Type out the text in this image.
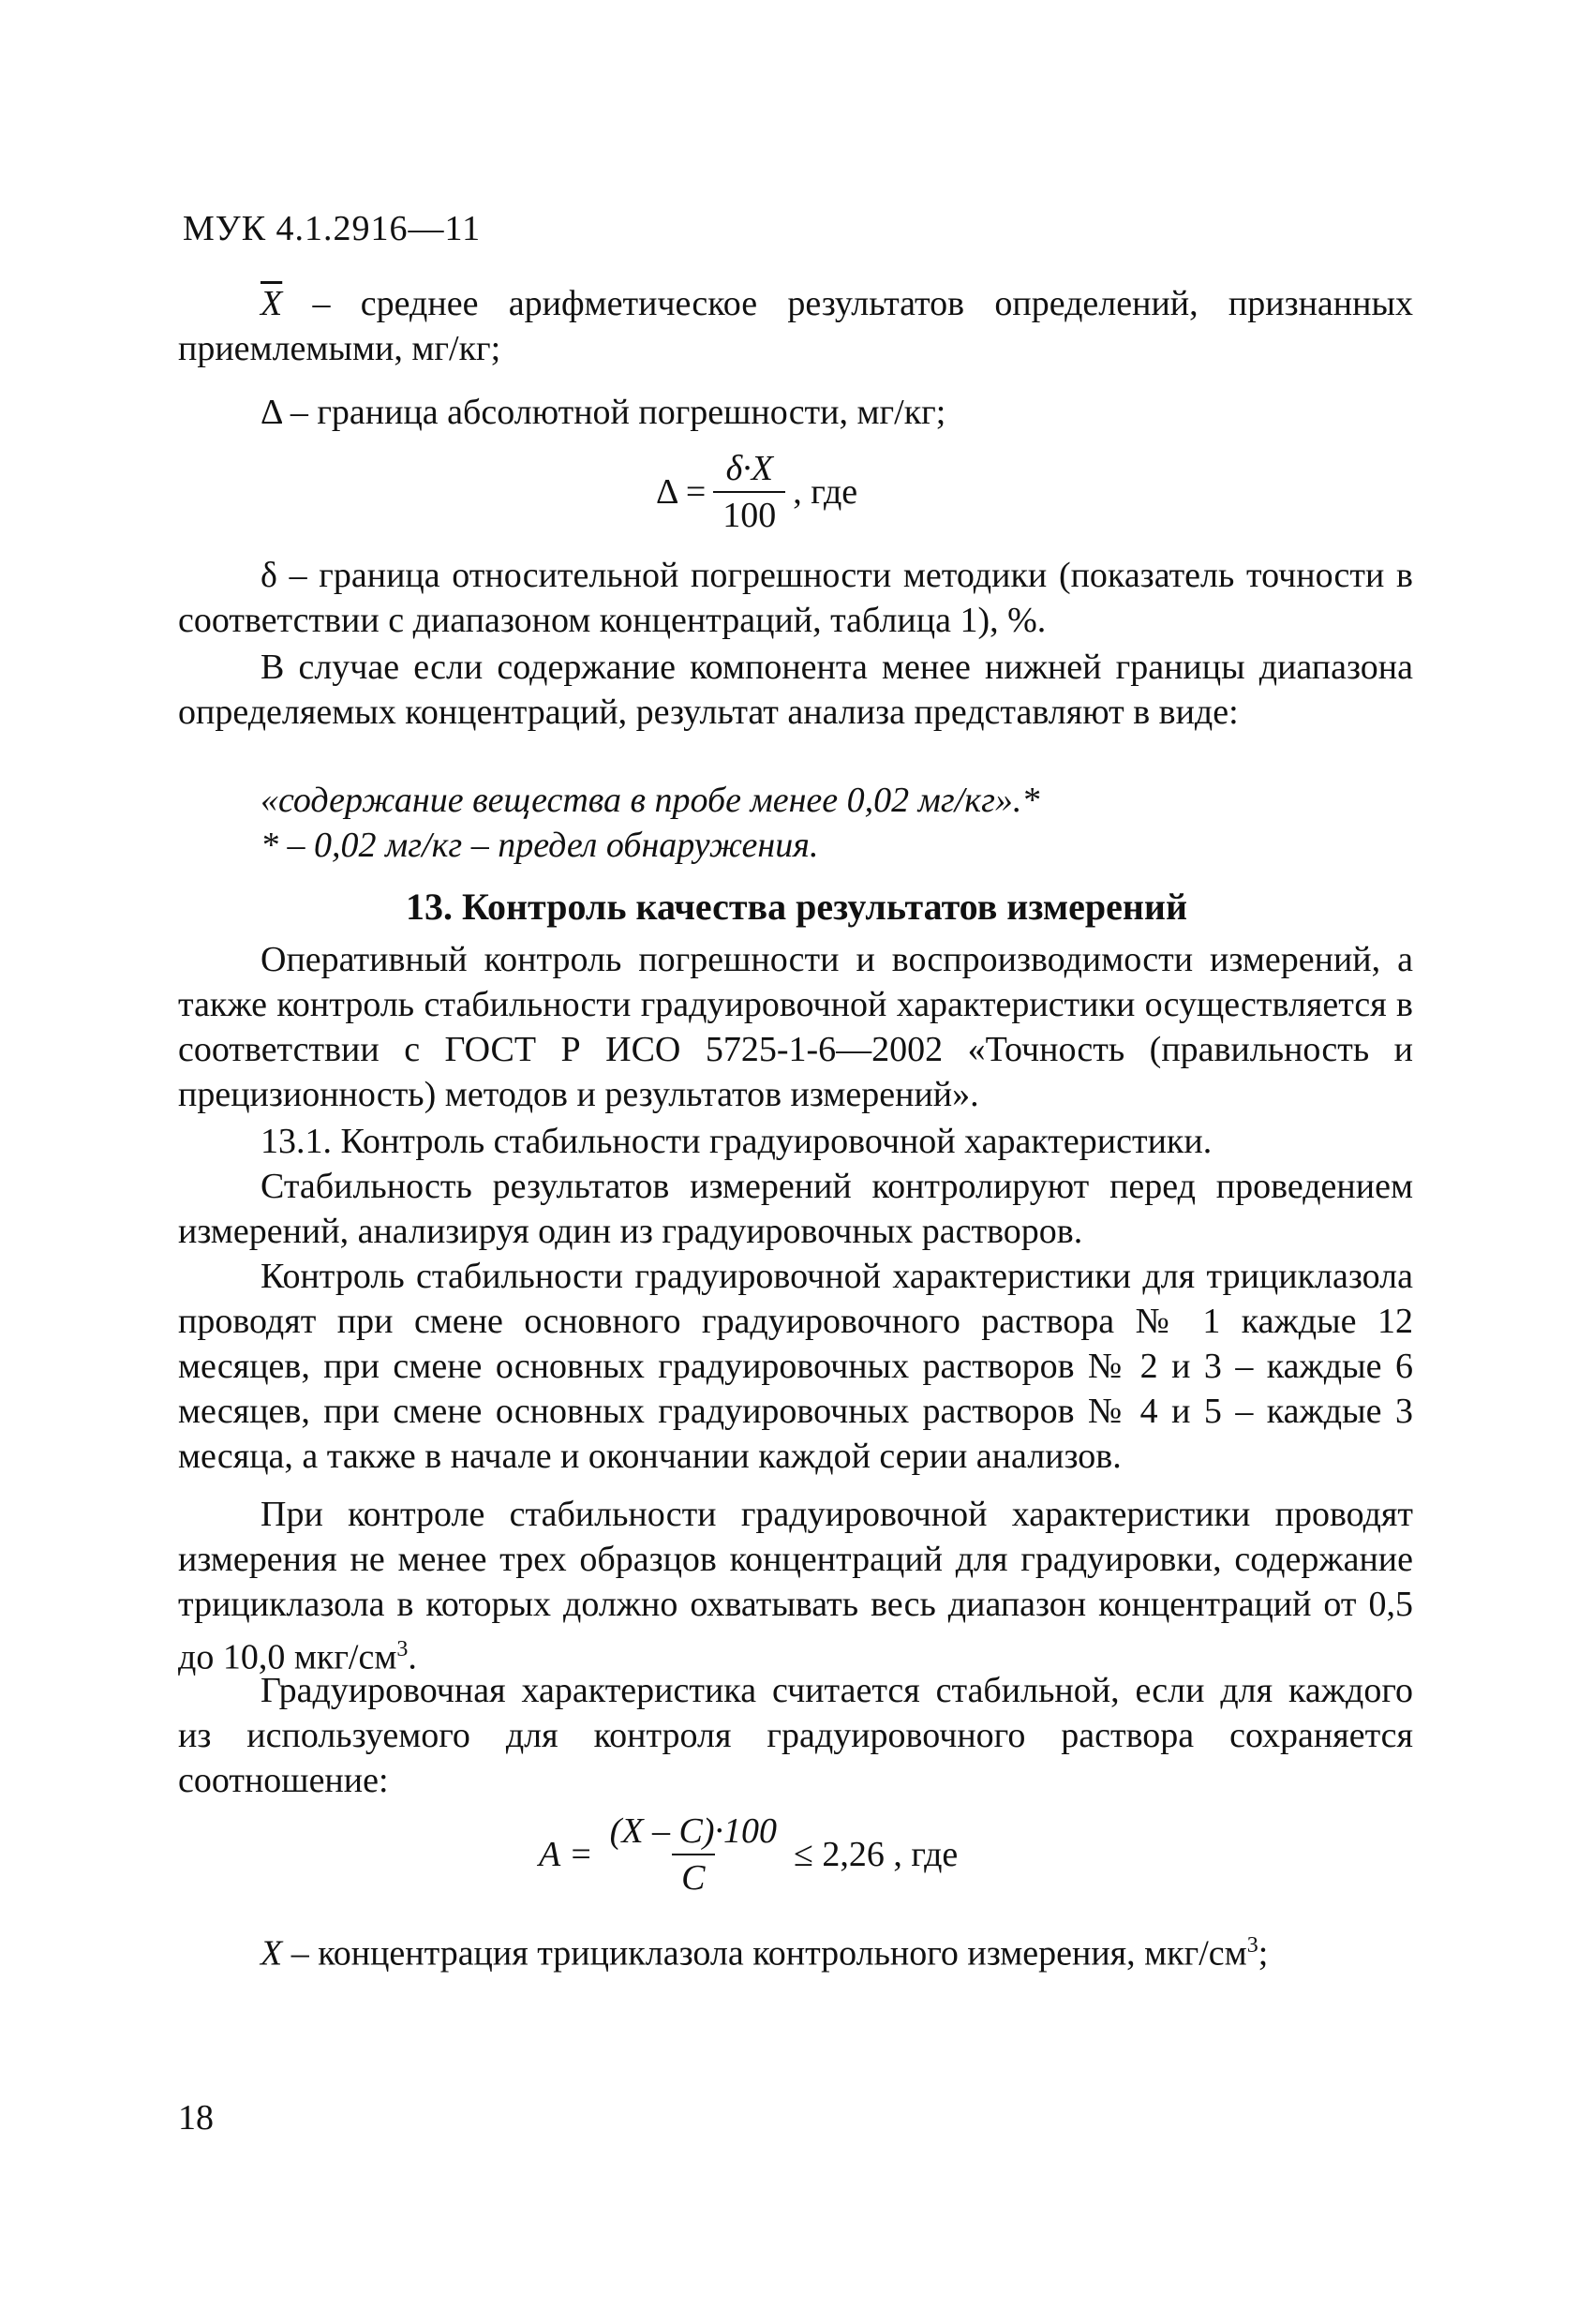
МУК 4.1.2916—11
$\overline{X}$ – среднее арифметическое результатов определений, признанных приемлемыми, мг/кг;
Δ – граница абсолютной погрешности, мг/кг;
$\Delta = \frac{\delta\cdot X}{100}$ , где
δ – граница относительной погрешности методики (показатель точности в соответствии с диапазоном концентраций, таблица 1), %.
В случае если содержание компонента менее нижней границы диапазона определяемых концентраций, результат анализа представляют в виде:
«содержание вещества в пробе менее 0,02 мг/кг».*
* – 0,02 мг/кг – предел обнаружения.
13. Контроль качества результатов измерений
Оперативный контроль погрешности и воспроизводимости измерений, а также контроль стабильности градуировочной характеристики осуществляется в соответствии с ГОСТ Р ИСО 5725-1-6—2002 «Точность (правильность и прецизионность) методов и результатов измерений».
13.1. Контроль стабильности градуировочной характеристики.
Стабильность результатов измерений контролируют перед проведением измерений, анализируя один из градуировочных растворов.
Контроль стабильности градуировочной характеристики для трициклазола проводят при смене основного градуировочного раствора № 1 каждые 12 месяцев, при смене основных градуировочных растворов № 2 и 3 – каждые 6 месяцев, при смене основных градуировочных растворов № 4 и 5 – каждые 3 месяца, а также в начале и окончании каждой серии анализов.
При контроле стабильности градуировочной характеристики проводят измерения не менее трех образцов концентраций для градуировки, содержание трициклазола в которых должно охватывать весь диапазон концентраций от 0,5 до 10,0 мкг/$см^3$.
Градуировочная характеристика считается стабильной, если для каждого из используемого для контроля градуировочного раствора сохраняется соотношение:
$A = \frac{(X - C)\cdot 100}{C} \le 2,26$ , где
X – концентрация трициклазола контрольного измерения, мкг/$см^3$;
18
